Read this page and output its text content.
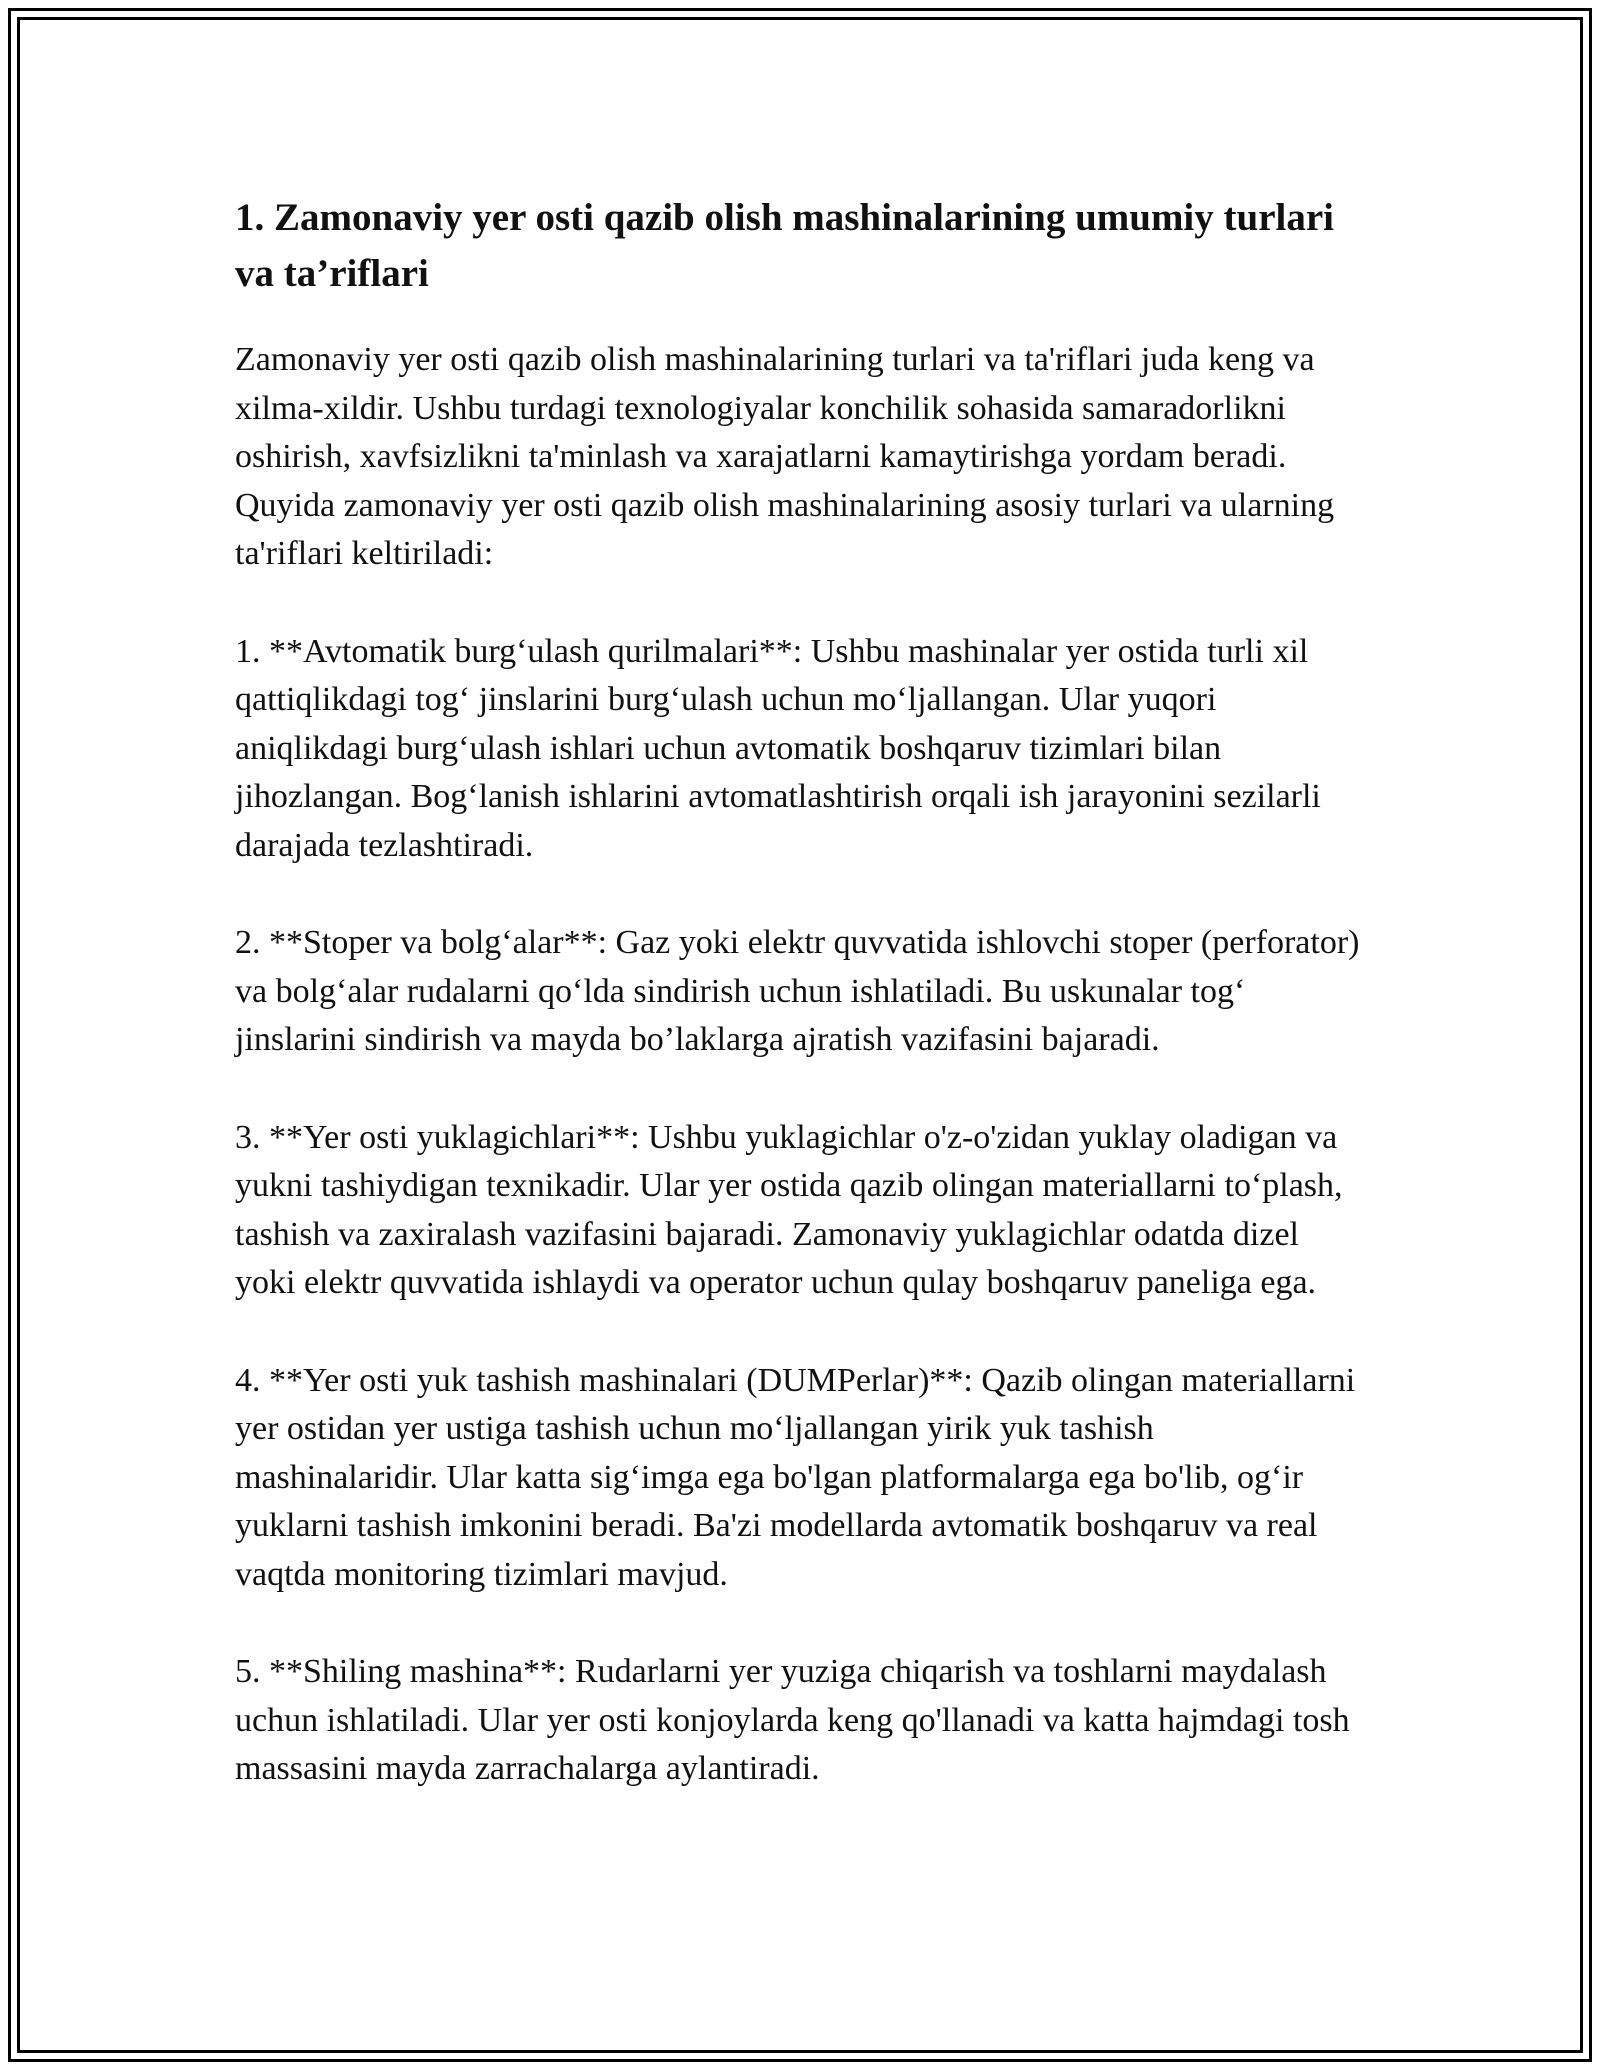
1. Zamonaviy yer osti qazib olish mashinalarining umumiy turlari va ta’riflari

Zamonaviy yer osti qazib olish mashinalarining turlari va ta'riflari juda keng va xilma-xildir. Ushbu turdagi texnologiyalar konchilik sohasida samaradorlikni oshirish, xavfsizlikni ta'minlash va xarajatlarni kamaytirishga yordam beradi. Quyida zamonaviy yer osti qazib olish mashinalarining asosiy turlari va ularning ta'riflari keltiriladi:

1. **Avtomatik burg‘ulash qurilmalari**: Ushbu mashinalar yer ostida turli xil qattiqlikdagi tog‘ jinslarini burg‘ulash uchun mo‘ljallangan. Ular yuqori aniqlikdagi burg‘ulash ishlari uchun avtomatik boshqaruv tizimlari bilan jihozlangan. Bog‘lanish ishlarini avtomatlashtirish orqali ish jarayonini sezilarli darajada tezlashtiradi.

2. **Stoper va bolg‘alar**: Gaz yoki elektr quvvatida ishlovchi stoper (perforator) va bolg‘alar rudalarni qo‘lda sindirish uchun ishlatiladi. Bu uskunalar tog‘ jinslarini sindirish va mayda bo’laklarga ajratish vazifasini bajaradi.

3. **Yer osti yuklagichlari**: Ushbu yuklagichlar o'z-o'zidan yuklay oladigan va yukni tashiydigan texnikadir. Ular yer ostida qazib olingan materiallarni to‘plash, tashish va zaxiralash vazifasini bajaradi. Zamonaviy yuklagichlar odatda dizel yoki elektr quvvatida ishlaydi va operator uchun qulay boshqaruv paneliga ega.

4. **Yer osti yuk tashish mashinalari (DUMPerlar)**: Qazib olingan materiallarni yer ostidan yer ustiga tashish uchun mo‘ljallangan yirik yuk tashish mashinalaridir. Ular katta sig‘imga ega bo'lgan platformalarga ega bo'lib, og‘ir yuklarni tashish imkonini beradi. Ba'zi modellarda avtomatik boshqaruv va real vaqtda monitoring tizimlari mavjud.

5. **Shiling mashina**: Rudarlarni yer yuziga chiqarish va toshlarni maydalash uchun ishlatiladi. Ular yer osti konjoylarda keng qo'llanadi va katta hajmdagi tosh massasini mayda zarrachalarga aylantiradi.
